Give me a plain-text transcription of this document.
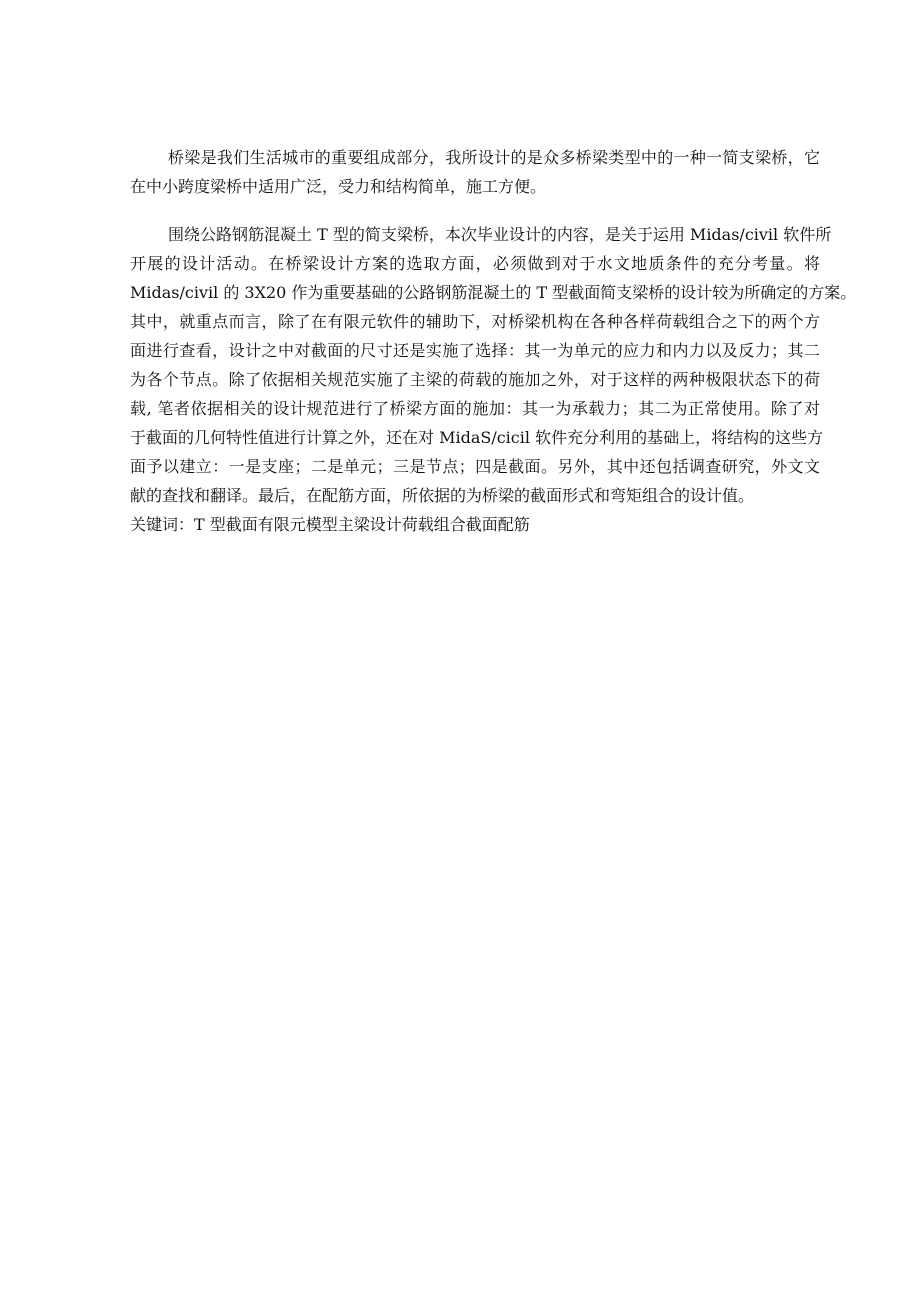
桥梁是我们生活城市的重要组成部分，我所设计的是众多桥梁类型中的一种一简支梁桥，它
在中小跨度梁桥中适用广泛，受力和结构简单，施工方便。
围绕公路钢筋混凝土 T 型的简支梁桥，本次毕业设计的内容，是关于运用 Midas/civil 软件所
开展的设计活动。在桥梁设计方案的选取方面，必须做到对于水文地质条件的充分考量。将
Midas/civil 的 3X20 作为重要基础的公路钢筋混凝土的 T 型截面简支梁桥的设计较为所确定的方案。
其中，就重点而言，除了在有限元软件的辅助下，对桥梁机构在各种各样荷载组合之下的两个方
面进行查看，设计之中对截面的尺寸还是实施了选择：其一为单元的应力和内力以及反力；其二
为各个节点。除了依据相关规范实施了主梁的荷载的施加之外，对于这样的两种极限状态下的荷
载, 笔者依据相关的设计规范进行了桥梁方面的施加：其一为承载力；其二为正常使用。除了对
于截面的几何特性值进行计算之外，还在对 MidaS∕cicil 软件充分利用的基础上，将结构的这些方
面予以建立：一是支座；二是单元；三是节点；四是截面。另外，其中还包括调查研究，外文文
献的查找和翻译。最后，在配筋方面，所依据的为桥梁的截面形式和弯矩组合的设计值。
关键词：T 型截面有限元模型主梁设计荷载组合截面配筋
